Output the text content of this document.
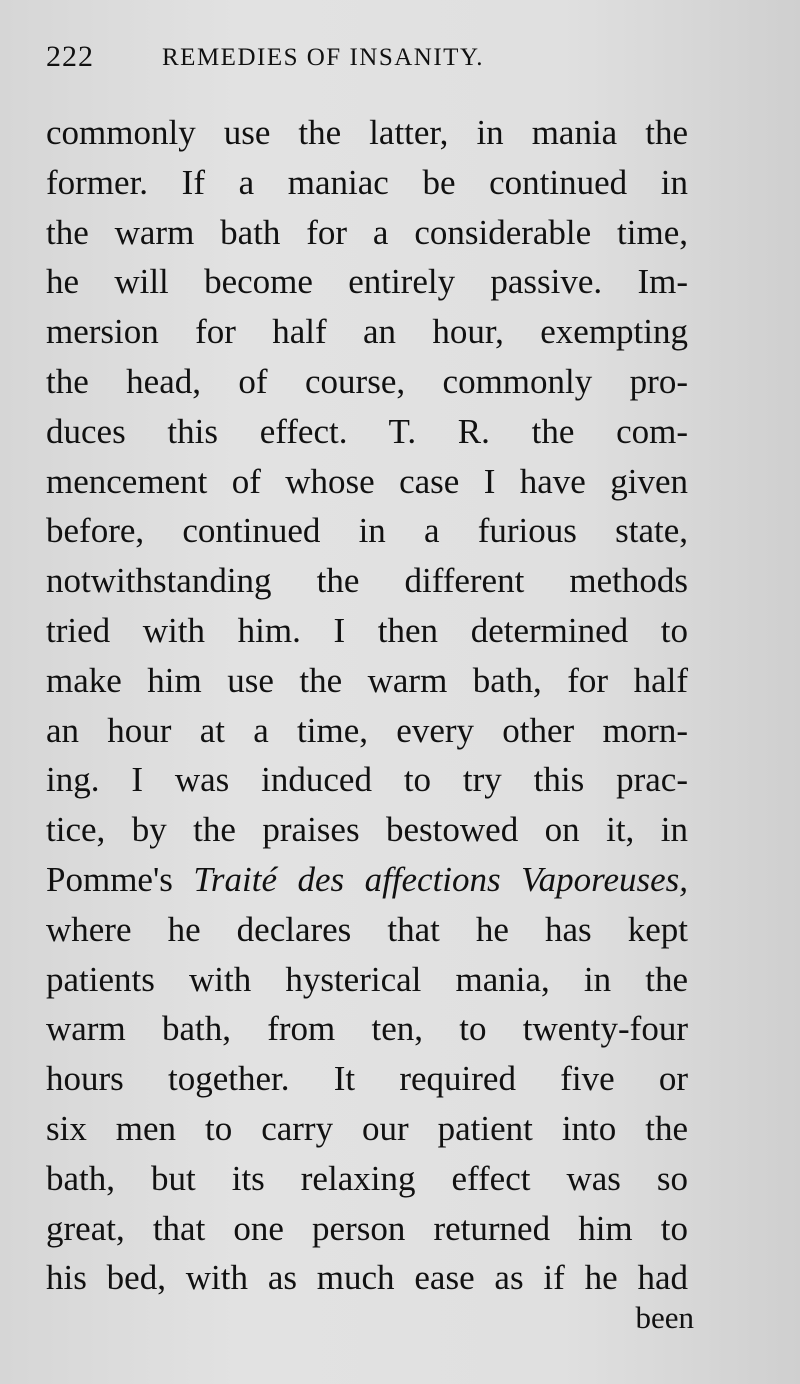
222	REMEDIES OF INSANITY.
commonly use the latter, in mania the
former. If a maniac be continued in
the warm bath for a considerable time,
he will become entirely passive. Im-
mersion for half an hour, exempting
the head, of course, commonly pro-
duces this effect. T. R. the com-
mencement of whose case I have given
before, continued in a furious state,
notwithstanding the different methods
tried with him. I then determined to
make him use the warm bath, for half
an hour at a time, every other morn-
ing. I was induced to try this prac-
tice, by the praises bestowed on it, in
Pomme's Traité des affections Vaporeuses,
where he declares that he has kept
patients with hysterical mania, in the
warm bath, from ten, to twenty-four
hours together. It required five or
six men to carry our patient into the
bath, but its relaxing effect was so
great, that one person returned him to
his bed, with as much ease as if he had
been
